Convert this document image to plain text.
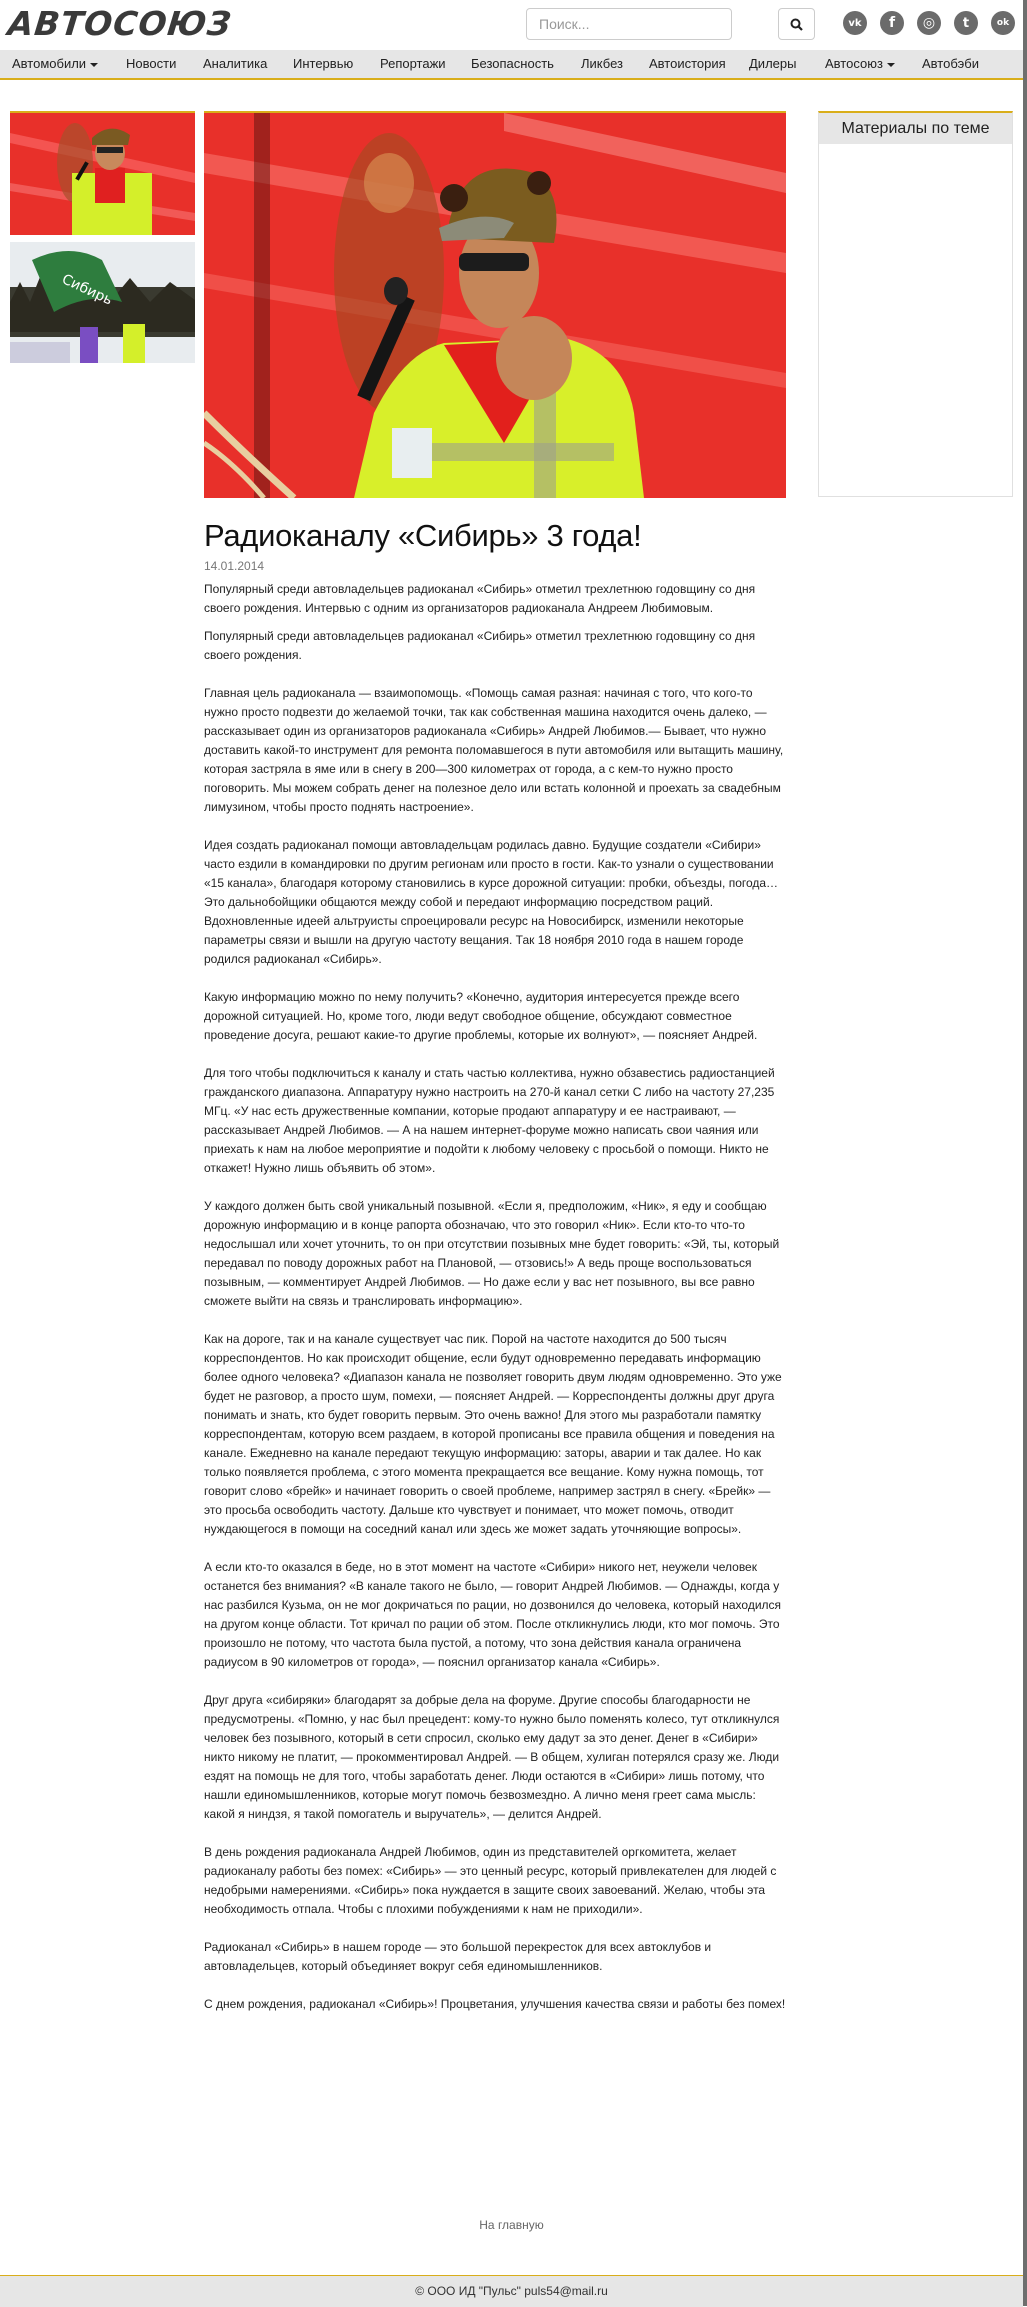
АВТОСОЮЗ
Поиск...	vk	f	◎	t	ok
Автомобили	Новости Аналитика Интервью Репортажи Безопасность Ликбез Автоистория Дилеры Автосоюз	Автобэби
Сибирь
Материалы по теме
Радиоканалу «Сибирь» 3 года!
14.01.2014

Популярный среди автовладельцев радиоканал «Сибирь» отметил трехлетнюю годовщину со дня своего рождения. Интервью с одним из организаторов радиоканала Андреем Любимовым.

Популярный среди автовладельцев радиоканал «Сибирь» отметил трехлетнюю годовщину со дня своего рождения.

Главная цель радиоканала — взаимопомощь. «Помощь самая разная: начиная с того, что кого-то нужно просто подвезти до желаемой точки, так как собственная машина находится очень далеко, — рассказывает один из организаторов радиоканала «Сибирь» Андрей Любимов.— Бывает, что нужно доставить какой-то инструмент для ремонта поломавшегося в пути автомобиля или вытащить машину, которая застряла в яме или в снегу в 200—300 километрах от города, а с кем-то нужно просто поговорить. Мы можем собрать денег на полезное дело или встать колонной и проехать за свадебным лимузином, чтобы просто поднять настроение».

Идея создать радиоканал помощи автовладельцам родилась давно. Будущие создатели «Сибири» часто ездили в командировки по другим регионам или просто в гости. Как-то узнали о существовании «15 канала», благодаря которому становились в курсе дорожной ситуации: пробки, объезды, погода… Это дальнобойщики общаются между собой и передают информацию посредством раций. Вдохновленные идеей альтруисты спроецировали ресурс на Новосибирск, изменили некоторые параметры связи и вышли на другую частоту вещания. Так 18 ноября 2010 года в нашем городе родился радиоканал «Сибирь».

Какую информацию можно по нему получить? «Конечно, аудитория интересуется прежде всего дорожной ситуацией. Но, кроме того, люди ведут свободное общение, обсуждают совместное проведение досуга, решают какие-то другие проблемы, которые их волнуют», — поясняет Андрей.

Для того чтобы подключиться к каналу и стать частью коллектива, нужно обзавестись радиостанцией гражданского диапазона. Аппаратуру нужно настроить на 270-й канал сетки С либо на частоту 27,235 МГц. «У нас есть дружественные компании, которые продают аппаратуру и ее настраивают, — рассказывает Андрей Любимов. — А на нашем интернет-форуме можно написать свои чаяния или приехать к нам на любое мероприятие и подойти к любому человеку с просьбой о помощи. Никто не откажет! Нужно лишь объявить об этом».

У каждого должен быть свой уникальный позывной. «Если я, предположим, «Ник», я еду и сообщаю дорожную информацию и в конце рапорта обозначаю, что это говорил «Ник». Если кто-то что-то недослышал или хочет уточнить, то он при отсутствии позывных мне будет говорить: «Эй, ты, который передавал по поводу дорожных работ на Плановой, — отзовись!» А ведь проще воспользоваться позывным, — комментирует Андрей Любимов. — Но даже если у вас нет позывного, вы все равно сможете выйти на связь и транслировать информацию».

Как на дороге, так и на канале существует час пик. Порой на частоте находится до 500 тысяч корреспондентов. Но как происходит общение, если будут одновременно передавать информацию более одного человека? «Диапазон канала не позволяет говорить двум людям одновременно. Это уже будет не разговор, а просто шум, помехи, — поясняет Андрей. — Корреспонденты должны друг друга понимать и знать, кто будет говорить первым. Это очень важно! Для этого мы разработали памятку корреспондентам, которую всем раздаем, в которой прописаны все правила общения и поведения на канале. Ежедневно на канале передают текущую информацию: заторы, аварии и так далее. Но как только появляется проблема, с этого момента прекращается все вещание. Кому нужна помощь, тот говорит слово «брейк» и начинает говорить о своей проблеме, например застрял в снегу. «Брейк» — это просьба освободить частоту. Дальше кто чувствует и понимает, что может помочь, отводит нуждающегося в помощи на соседний канал или здесь же может задать уточняющие вопросы».

А если кто-то оказался в беде, но в этот момент на частоте «Сибири» никого нет, неужели человек останется без внимания? «В канале такого не было, — говорит Андрей Любимов. — Однажды, когда у нас разбился Кузьма, он не мог докричаться по рации, но дозвонился до человека, который находился на другом конце области. Тот кричал по рации об этом. После откликнулись люди, кто мог помочь. Это произошло не потому, что частота была пустой, а потому, что зона действия канала ограничена радиусом в 90 километров от города», — пояснил организатор канала «Сибирь».

Друг друга «сибиряки» благодарят за добрые дела на форуме. Другие способы благодарности не предусмотрены. «Помню, у нас был прецедент: кому-то нужно было поменять колесо, тут откликнулся человек без позывного, который в сети спросил, сколько ему дадут за это денег. Денег в «Сибири» никто никому не платит, — прокомментировал Андрей. — В общем, хулиган потерялся сразу же. Люди ездят на помощь не для того, чтобы заработать денег. Люди остаются в «Сибири» лишь потому, что нашли единомышленников, которые могут помочь безвозмездно. А лично меня греет сама мысль: какой я ниндзя, я такой помогатель и выручатель», — делится Андрей.

В день рождения радиоканала Андрей Любимов, один из представителей оргкомитета, желает радиоканалу работы без помех: «Сибирь» — это ценный ресурс, который привлекателен для людей с недобрыми намерениями. «Сибирь» пока нуждается в защите своих завоеваний. Желаю, чтобы эта необходимость отпала. Чтобы с плохими побуждениями к нам не приходили».

Радиоканал «Сибирь» в нашем городе — это большой перекресток для всех автоклубов и автовладельцев, который объединяет вокруг себя единомышленников.

С днем рождения, радиоканал «Сибирь»! Процветания, улучшения качества связи и работы без помех!

На главную
© ООО ИД "Пульс" puls54@mail.ru
